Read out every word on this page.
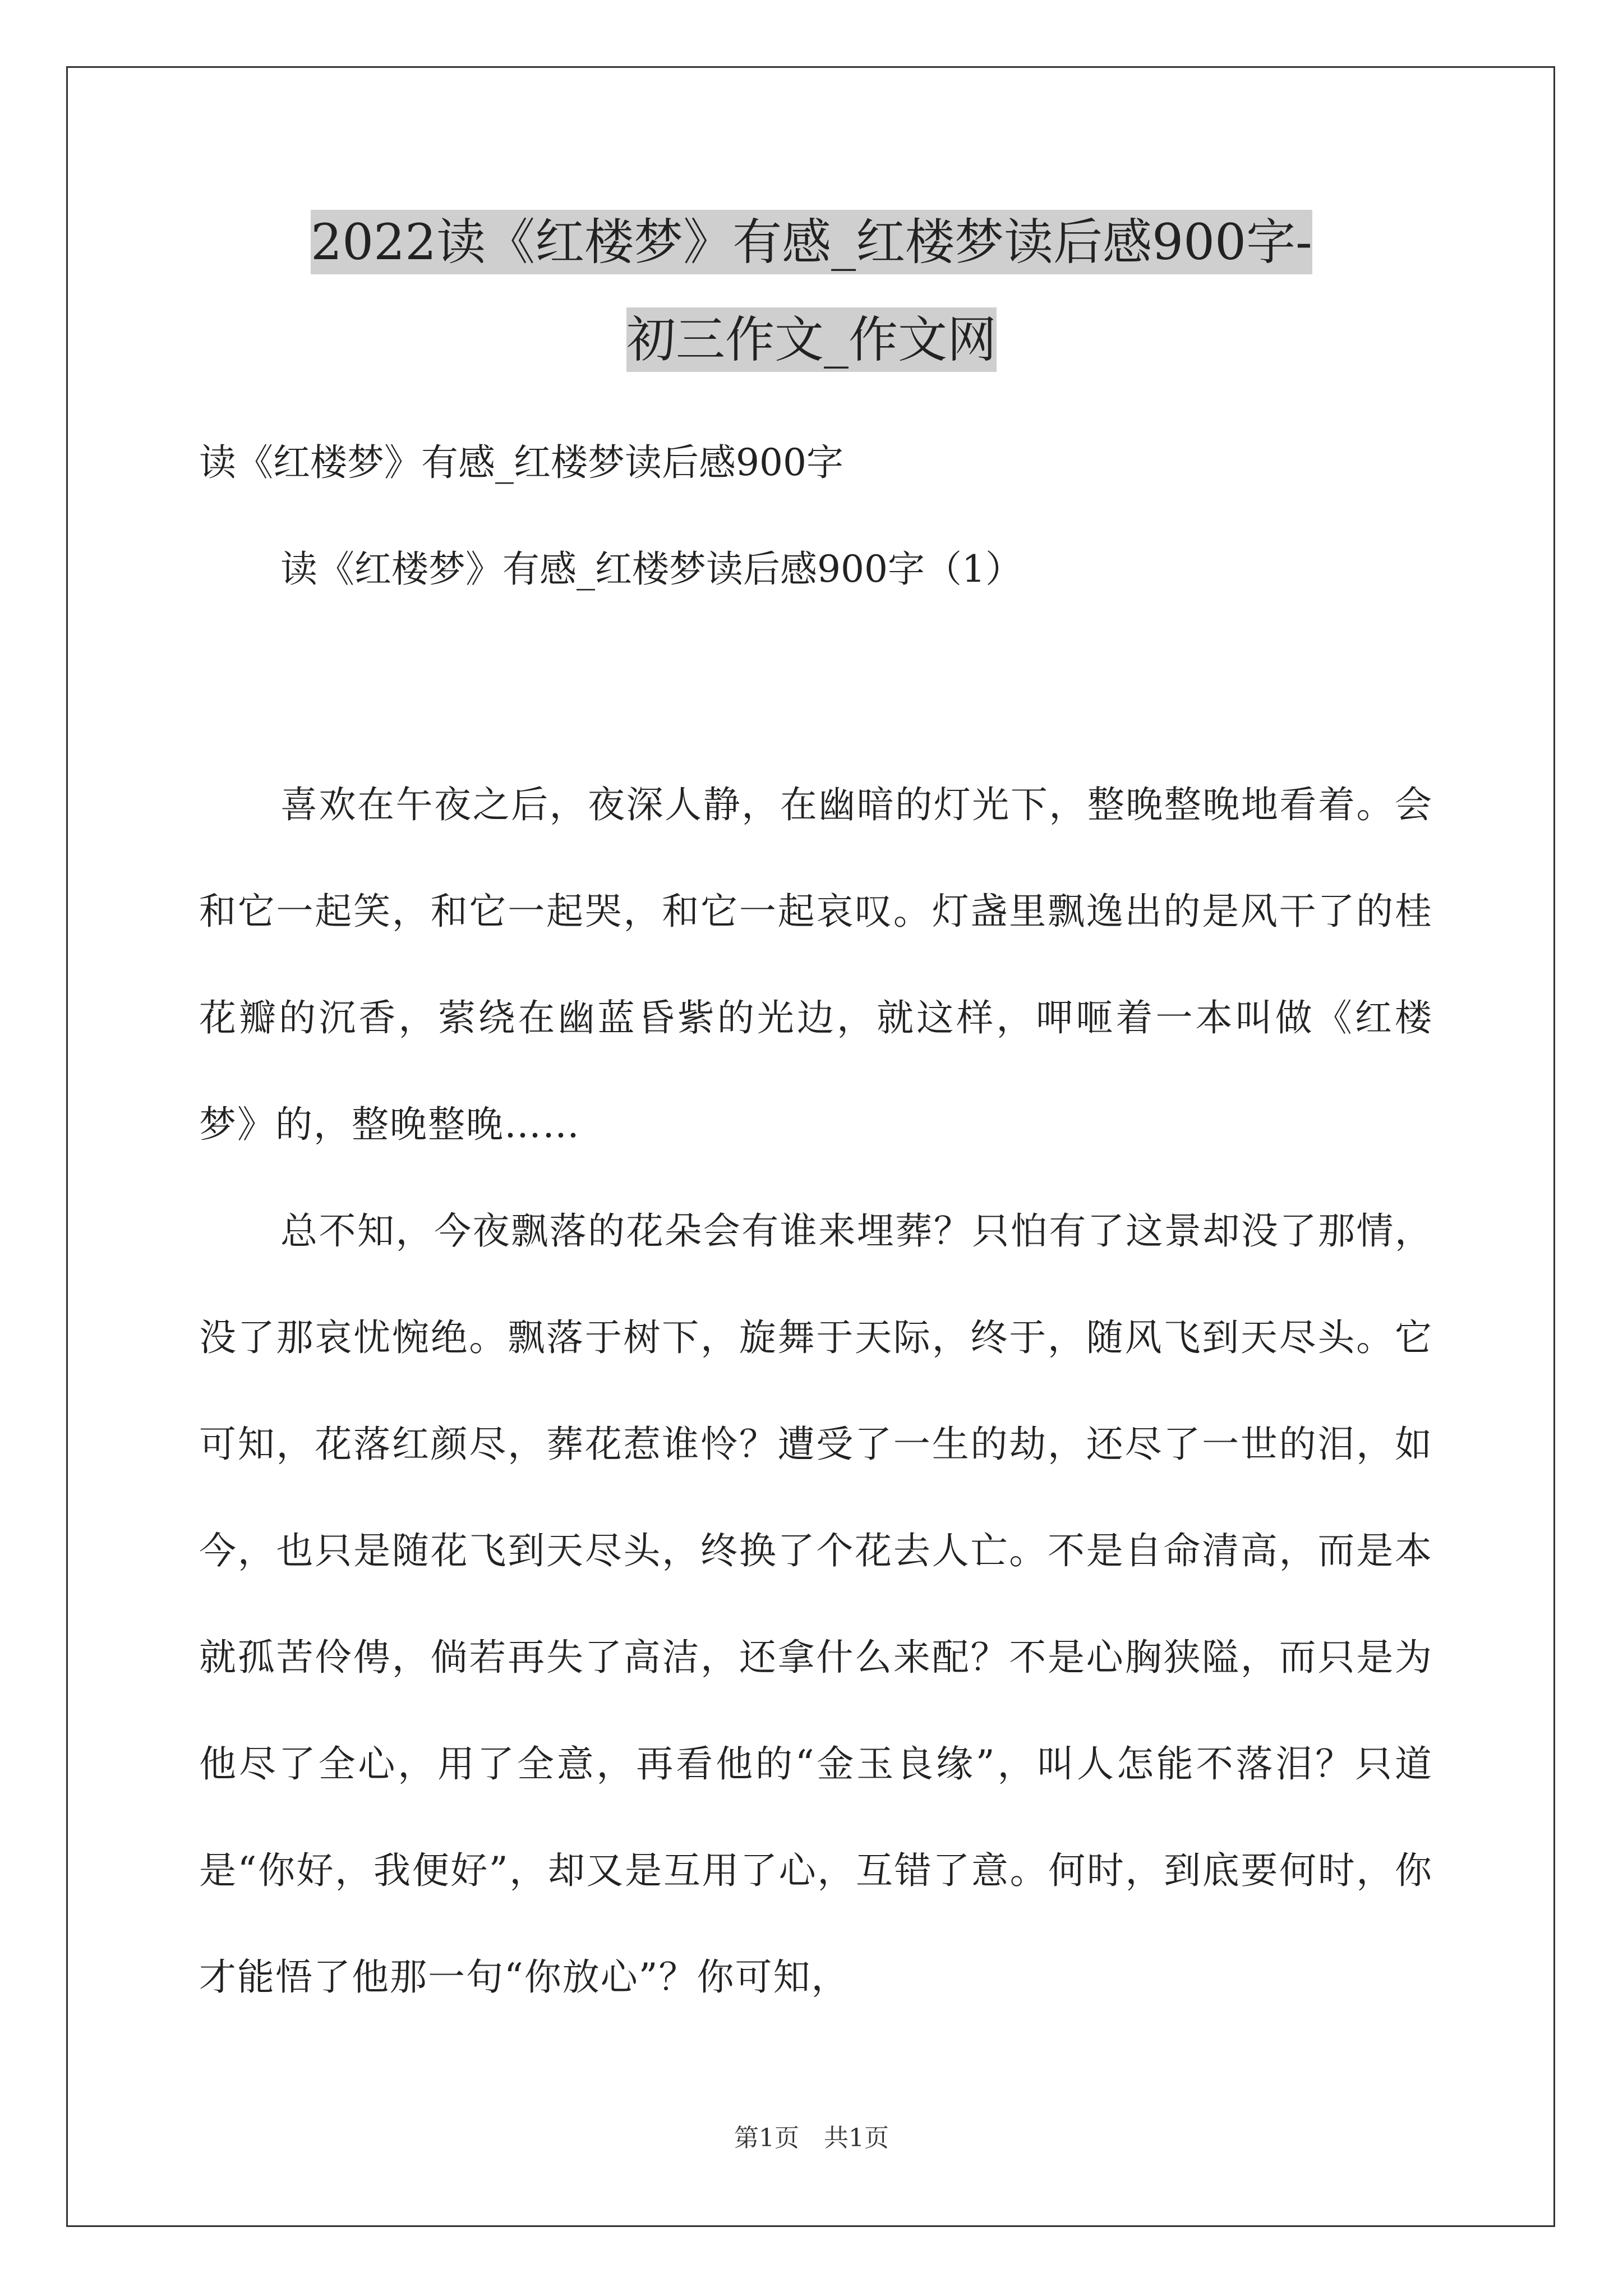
2022读《红楼梦》有感_红楼梦读后感900字-
初三作文_作文网
读《红楼梦》有感_红楼梦读后感900字
读《红楼梦》有感_红楼梦读后感900字（1）

喜欢在午夜之后，夜深人静，在幽暗的灯光下，整晚整晚地看着。会和它一起笑，和它一起哭，和它一起哀叹。灯盏里飘逸出的是风干了的桂花瓣的沉香，萦绕在幽蓝昏紫的光边，就这样，呷咂着一本叫做《红楼梦》的，整晚整晚……

总不知，今夜飘落的花朵会有谁来埋葬？只怕有了这景却没了那情，没了那哀忧惋绝。飘落于树下，旋舞于天际，终于，随风飞到天尽头。它可知，花落红颜尽，葬花惹谁怜？遭受了一生的劫，还尽了一世的泪，如今，也只是随花飞到天尽头，终换了个花去人亡。不是自命清高，而是本就孤苦伶俜，倘若再失了高洁，还拿什么来配？不是心胸狭隘，而只是为他尽了全心，用了全意，再看他的“金玉良缘”，叫人怎能不落泪？只道是“你好，我便好”，却又是互用了心，互错了意。何时，到底要何时，你才能悟了他那一句“你放心”？你可知，

第1页　共1页
